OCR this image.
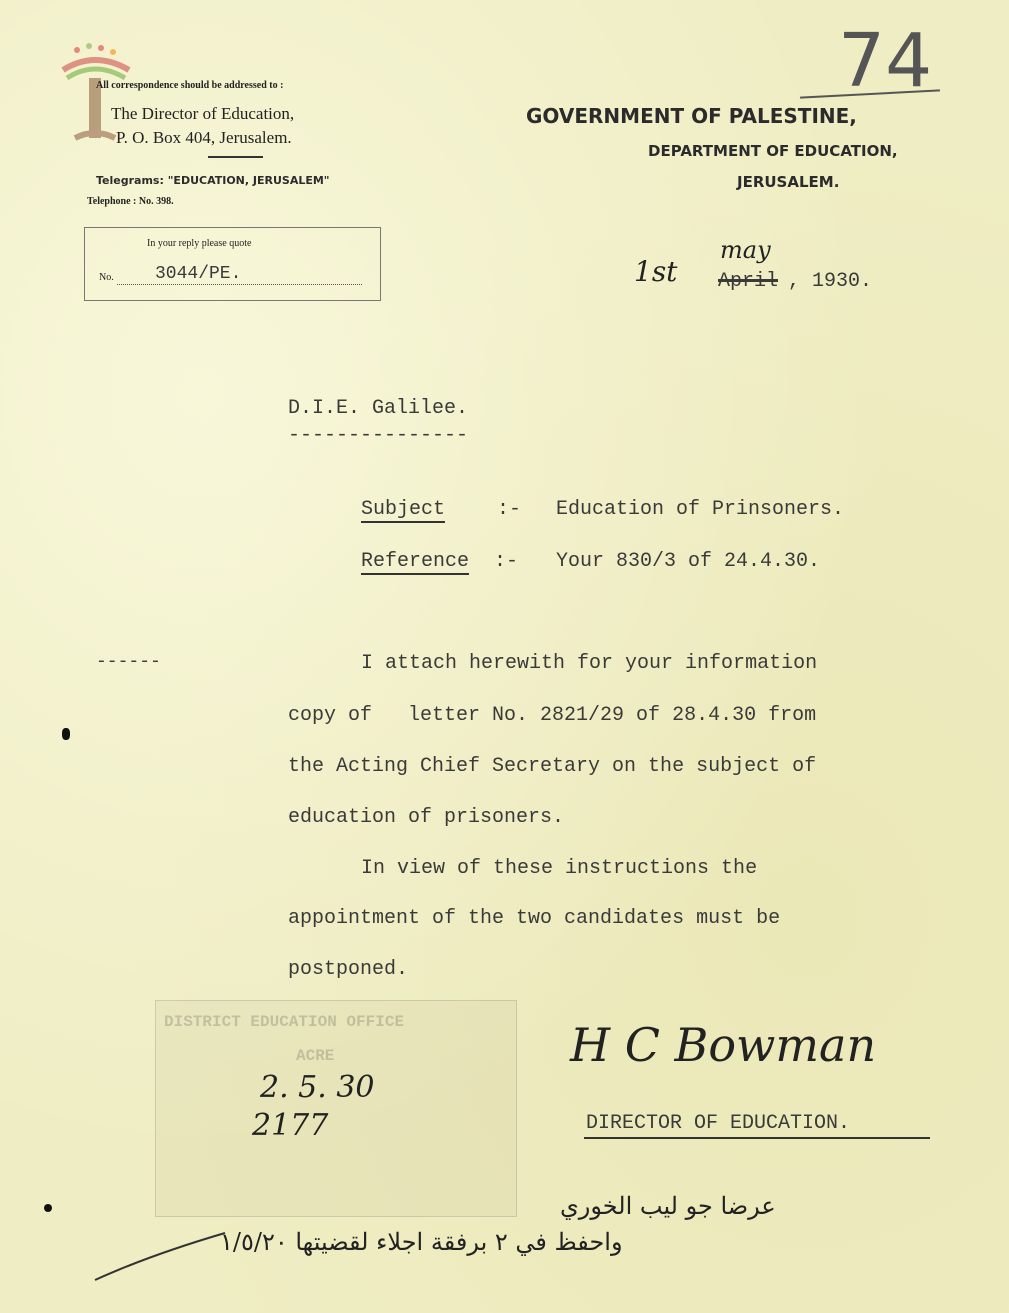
All correspondence should be addressed to :
The Director of Education,
P. O. Box 404, Jerusalem.
Telegrams: "EDUCATION, JERUSALEM"
Telephone : No. 398.
In your reply please quote
No. 3044/PE.
74
GOVERNMENT OF PALESTINE,
DEPARTMENT OF EDUCATION,
JERUSALEM.
1st
may
April , 1930.
D.I.E. Galilee.
---------------
Subject	:- Education of Prinsoners.
Reference :- Your 830/3 of 24.4.30.
------	I attach herewith for your information
copy of   letter No. 2821/29 of 28.4.30 from
the Acting Chief Secretary on the subject of
education of prisoners.
In view of these instructions the
appointment of the two candidates must be
postponed.
DISTRICT EDUCATION OFFICE
ACRE
2. 5. 30
2177
H C Bowman
DIRECTOR OF EDUCATION.
عرضا جو ليب الخوري
واحفظ في ٢ برفقة اجلاء لقضيتها ١/٥/٢٠
